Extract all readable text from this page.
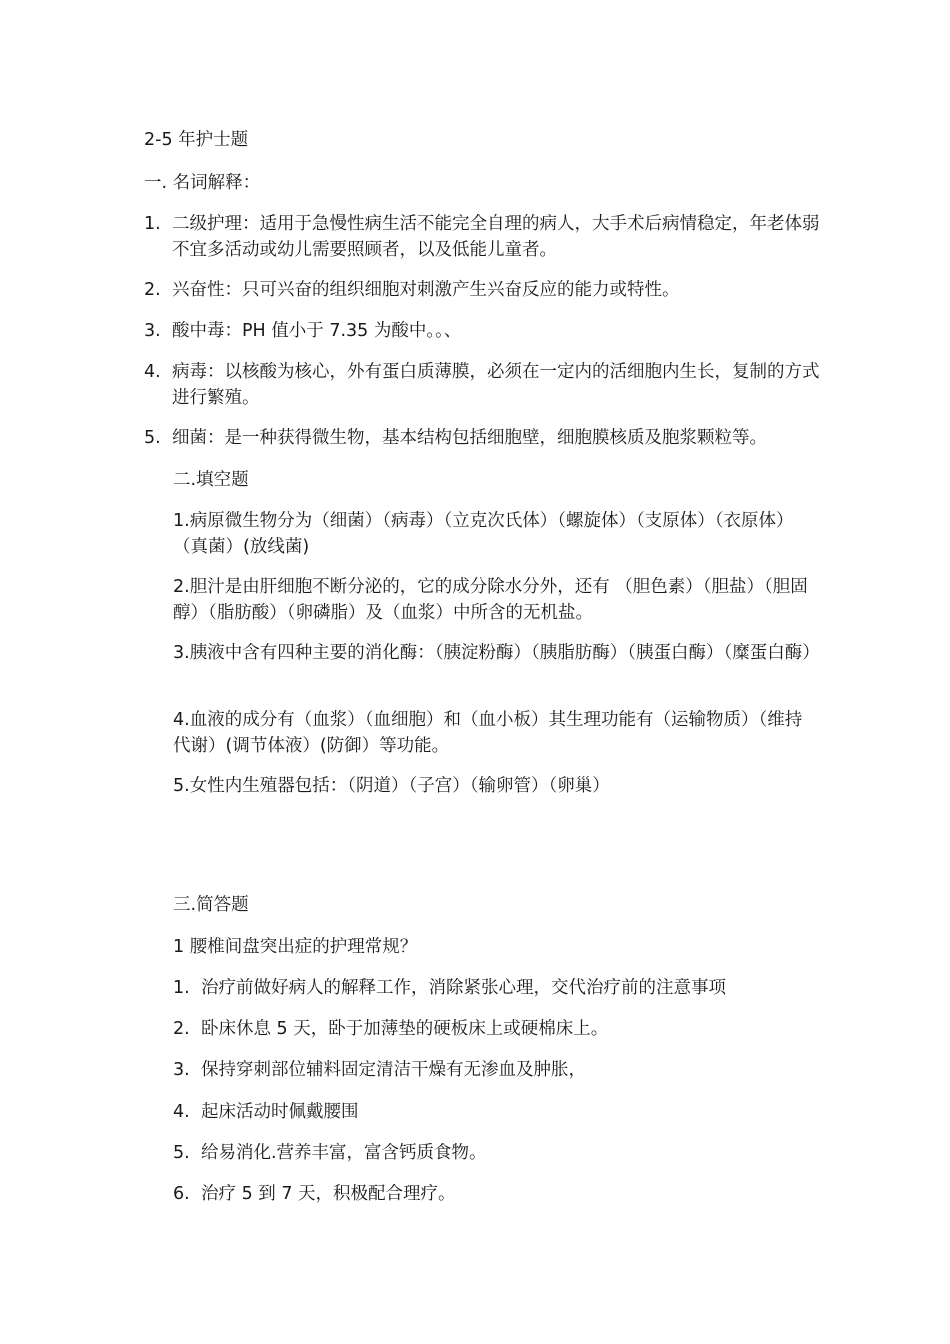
2-5 年护士题
一. 名词解释：
1. 二级护理：适用于急慢性病生活不能完全自理的病人，大手术后病情稳定，年老体弱不宜多活动或幼儿需要照顾者，以及低能儿童者。
2. 兴奋性：只可兴奋的组织细胞对刺激产生兴奋反应的能力或特性。
3. 酸中毒：PH 值小于 7.35 为酸中。。、
4. 病毒：以核酸为核心，外有蛋白质薄膜，必须在一定内的活细胞内生长，复制的方式进行繁殖。
5. 细菌：是一种获得微生物，基本结构包括细胞壁，细胞膜核质及胞浆颗粒等。
二.填空题
1.病原微生物分为（细菌）（病毒）（立克次氏体）（螺旋体）（支原体）（衣原体）（真菌）(放线菌)
2.胆汁是由肝细胞不断分泌的，它的成分除水分外，还有 （胆色素）（胆盐）（胆固醇）（脂肪酸）（卵磷脂）及（血浆）中所含的无机盐。
3.胰液中含有四种主要的消化酶：（胰淀粉酶）（胰脂肪酶）（胰蛋白酶）（糜蛋白酶）
4.血液的成分有（血浆）（血细胞）和（血小板）其生理功能有（运输物质）（维持代谢）(调节体液）(防御）等功能。
5.女性内生殖器包括：（阴道）（子宫）（输卵管）（卵巢）
三.简答题
1 腰椎间盘突出症的护理常规？
1. 治疗前做好病人的解释工作，消除紧张心理，交代治疗前的注意事项
2. 卧床休息 5 天，卧于加薄垫的硬板床上或硬棉床上。
3. 保持穿刺部位辅料固定清洁干燥有无渗血及肿胀，
4. 起床活动时佩戴腰围
5. 给易消化.营养丰富，富含钙质食物。
6. 治疗 5 到 7 天，积极配合理疗。
